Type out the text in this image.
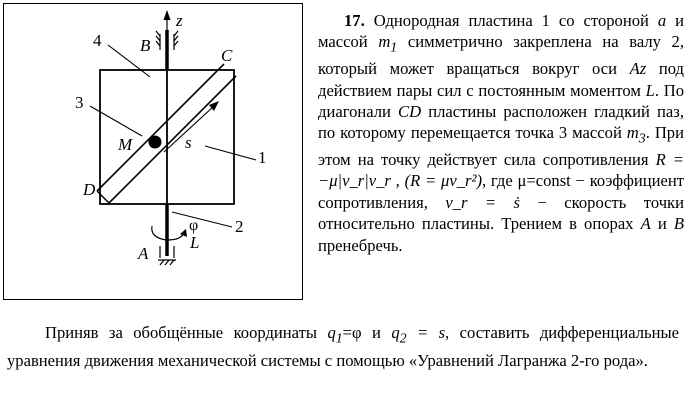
z
B
C
4
3
M	s
1
D
φ 2
L
A

17. Однородная пластина 1 со стороной a и массой $m_1$ симметрично закреплена на валу 2, который может вращаться вокруг оси Az под действием пары сил с постоянным моментом L. По диагонали CD пластины расположен гладкий паз, по которому перемещается точка 3 массой $m_3$. При этом на точку действует сила сопротивления R = −μ|v_r|v_r , (R = μv_r²), где μ=const − коэффициент сопротивления, v_r = ṡ − скорость точки относительно пластины. Трением в опорах A и B пренебречь.

Приняв за обобщённые координаты $q_1=\varphi$ и $q_2 = s$, составить дифференциальные уравнения движения механической системы с помощью «Уравнений Лагранжа 2-го рода».
